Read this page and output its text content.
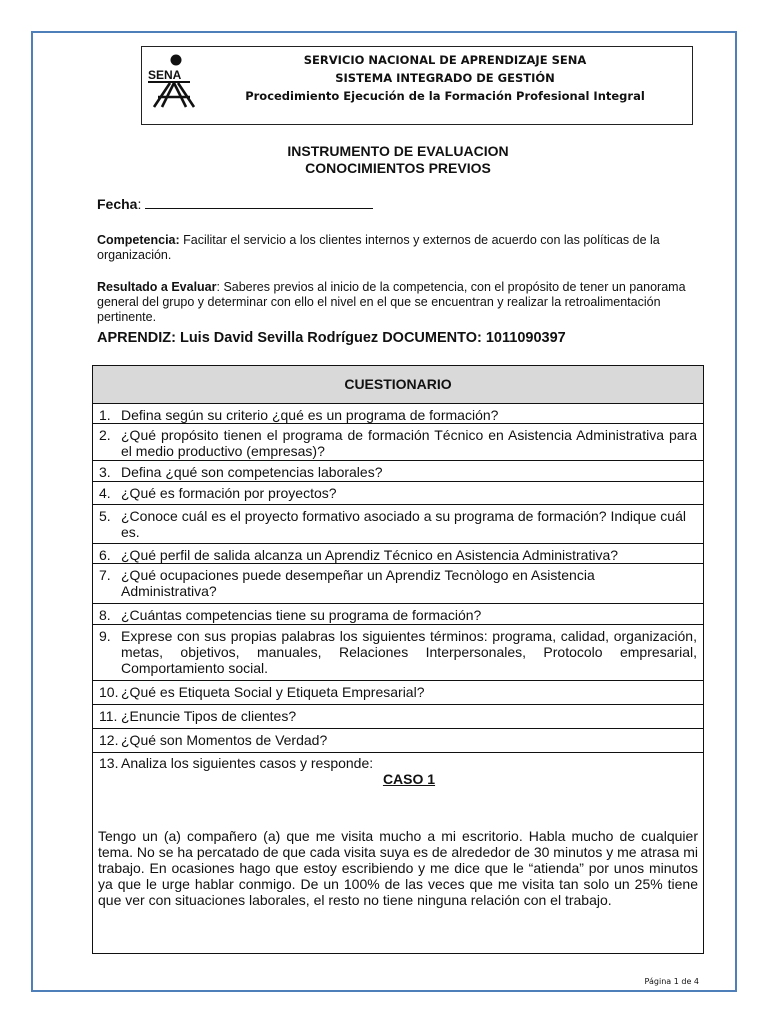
SENA
SERVICIO NACIONAL DE APRENDIZAJE SENA
SISTEMA INTEGRADO DE GESTIÓN
Procedimiento Ejecución de la Formación Profesional Integral
INSTRUMENTO DE EVALUACION
CONOCIMIENTOS PREVIOS
Fecha:
Competencia: Facilitar el servicio a los clientes internos y externos de acuerdo con las políticas de la organización.
Resultado a Evaluar: Saberes previos al inicio de la competencia, con el propósito de tener un panorama general del grupo y determinar con ello el nivel en el que se encuentran y realizar la retroalimentación pertinente.
APRENDIZ: Luis David Sevilla Rodríguez DOCUMENTO: 1011090397
CUESTIONARIO
1. Defina según su criterio ¿qué es un programa de formación?
2. ¿Qué propósito tienen el programa de formación Técnico en Asistencia Administrativa para el medio productivo (empresas)?
3. Defina ¿qué son competencias laborales?
4. ¿Qué es formación por proyectos?
5. ¿Conoce cuál es el proyecto formativo asociado a su programa de formación? Indique cuál es.
6. ¿Qué perfil de salida alcanza un Aprendiz Técnico en Asistencia Administrativa?
7. ¿Qué ocupaciones puede desempeñar un Aprendiz Tecnòlogo en Asistencia Administrativa?
8. ¿Cuántas competencias tiene su programa de formación?
9. Exprese con sus propias palabras los siguientes términos: programa, calidad, organización, metas, objetivos, manuales, Relaciones Interpersonales, Protocolo empresarial, Comportamiento social.
10. ¿Qué es Etiqueta Social y Etiqueta Empresarial?
11. ¿Enuncie Tipos de clientes?
12. ¿Qué son Momentos de Verdad?
13. Analiza los siguientes casos y responde:
CASO 1
Tengo un (a) compañero (a) que me visita mucho a mi escritorio. Habla mucho de cualquier tema. No se ha percatado de que cada visita suya es de alrededor de 30 minutos y me atrasa mi trabajo. En ocasiones hago que estoy escribiendo y me dice que le “atienda” por unos minutos ya que le urge hablar conmigo. De un 100% de las veces que me visita tan solo un 25% tiene que ver con situaciones laborales, el resto no tiene ninguna relación con el trabajo.
Página 1 de 4
